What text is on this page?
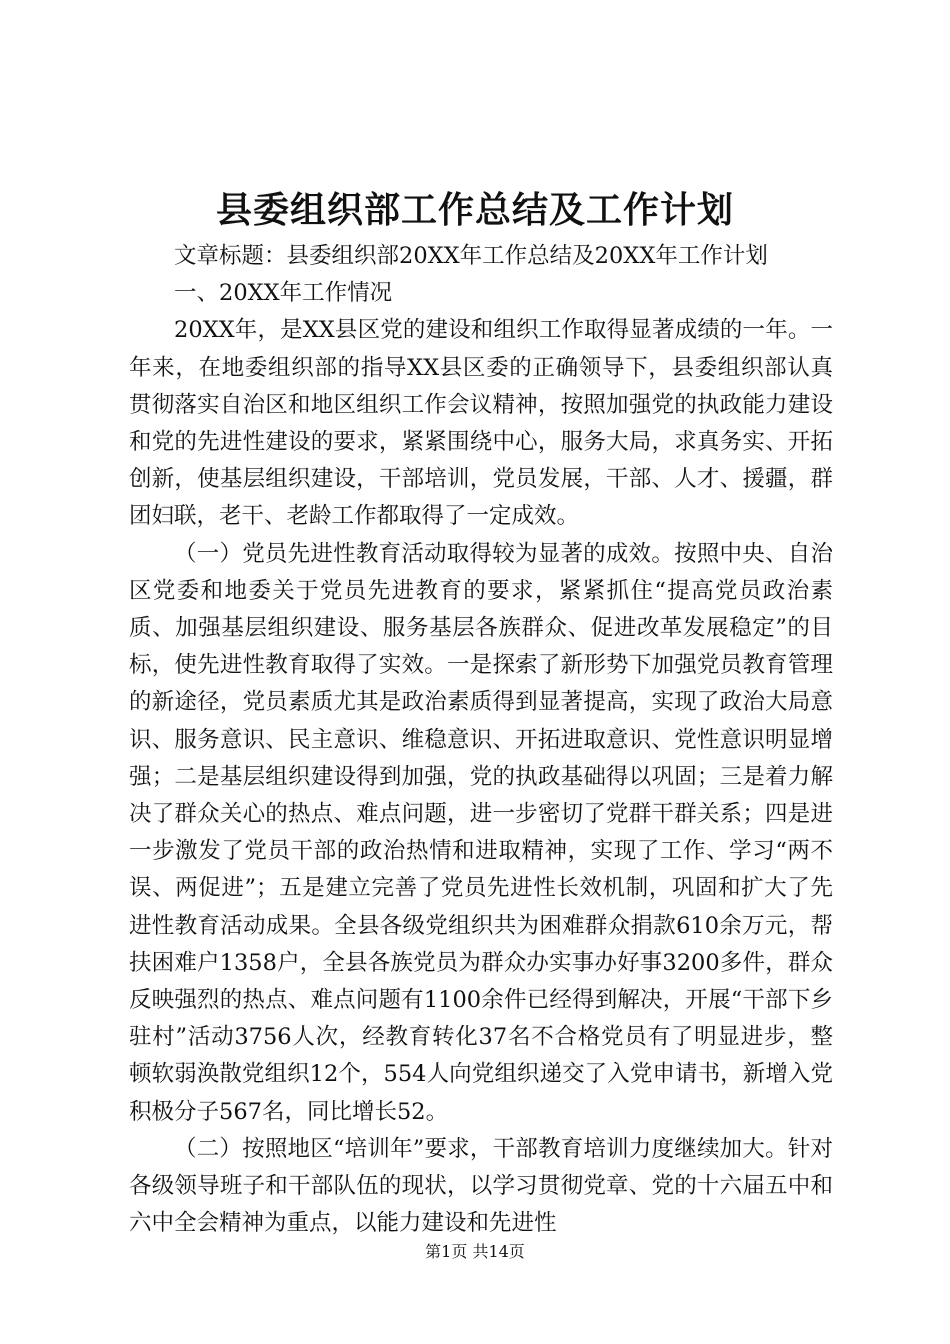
县委组织部工作总结及工作计划

文章标题：县委组织部20XX年工作总结及20XX年工作计划

一、20XX年工作情况

20XX年，是XX县区党的建设和组织工作取得显著成绩的一年。一年来，在地委组织部的指导XX县区委的正确领导下，县委组织部认真贯彻落实自治区和地区组织工作会议精神，按照加强党的执政能力建设和党的先进性建设的要求，紧紧围绕中心，服务大局，求真务实、开拓创新，使基层组织建设，干部培训，党员发展，干部、人才、援疆，群团妇联，老干、老龄工作都取得了一定成效。

（一）党员先进性教育活动取得较为显著的成效。按照中央、自治区党委和地委关于党员先进教育的要求，紧紧抓住“提高党员政治素质、加强基层组织建设、服务基层各族群众、促进改革发展稳定”的目标，使先进性教育取得了实效。一是探索了新形势下加强党员教育管理的新途径，党员素质尤其是政治素质得到显著提高，实现了政治大局意识、服务意识、民主意识、维稳意识、开拓进取意识、党性意识明显增强；二是基层组织建设得到加强，党的执政基础得以巩固；三是着力解决了群众关心的热点、难点问题，进一步密切了党群干群关系；四是进一步激发了党员干部的政治热情和进取精神，实现了工作、学习“两不误、两促进”；五是建立完善了党员先进性长效机制，巩固和扩大了先进性教育活动成果。全县各级党组织共为困难群众捐款610余万元，帮扶困难户1358户，全县各族党员为群众办实事办好事3200多件，群众反映强烈的热点、难点问题有1100余件已经得到解决，开展“干部下乡驻村”活动3756人次，经教育转化37名不合格党员有了明显进步，整顿软弱涣散党组织12个，554人向党组织递交了入党申请书，新增入党积极分子567名，同比增长52。

（二）按照地区“培训年”要求，干部教育培训力度继续加大。针对各级领导班子和干部队伍的现状，以学习贯彻党章、党的十六届五中和六中全会精神为重点，以能力建设和先进性

第1页 共14页
